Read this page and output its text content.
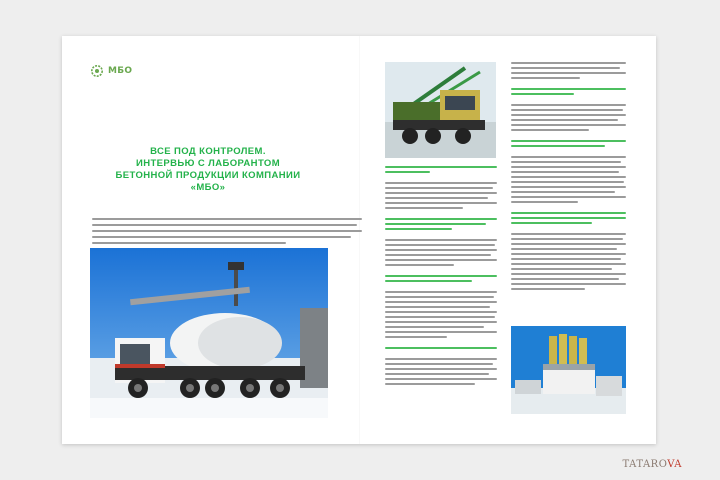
МБО
ВСЕ ПОД КОНТРОЛЕМ.
ИНТЕРВЬЮ С ЛАБОРАНТОМ
БЕТОННОЙ ПРОДУКЦИИ КОМПАНИИ
«МБО»
TATAROVA
